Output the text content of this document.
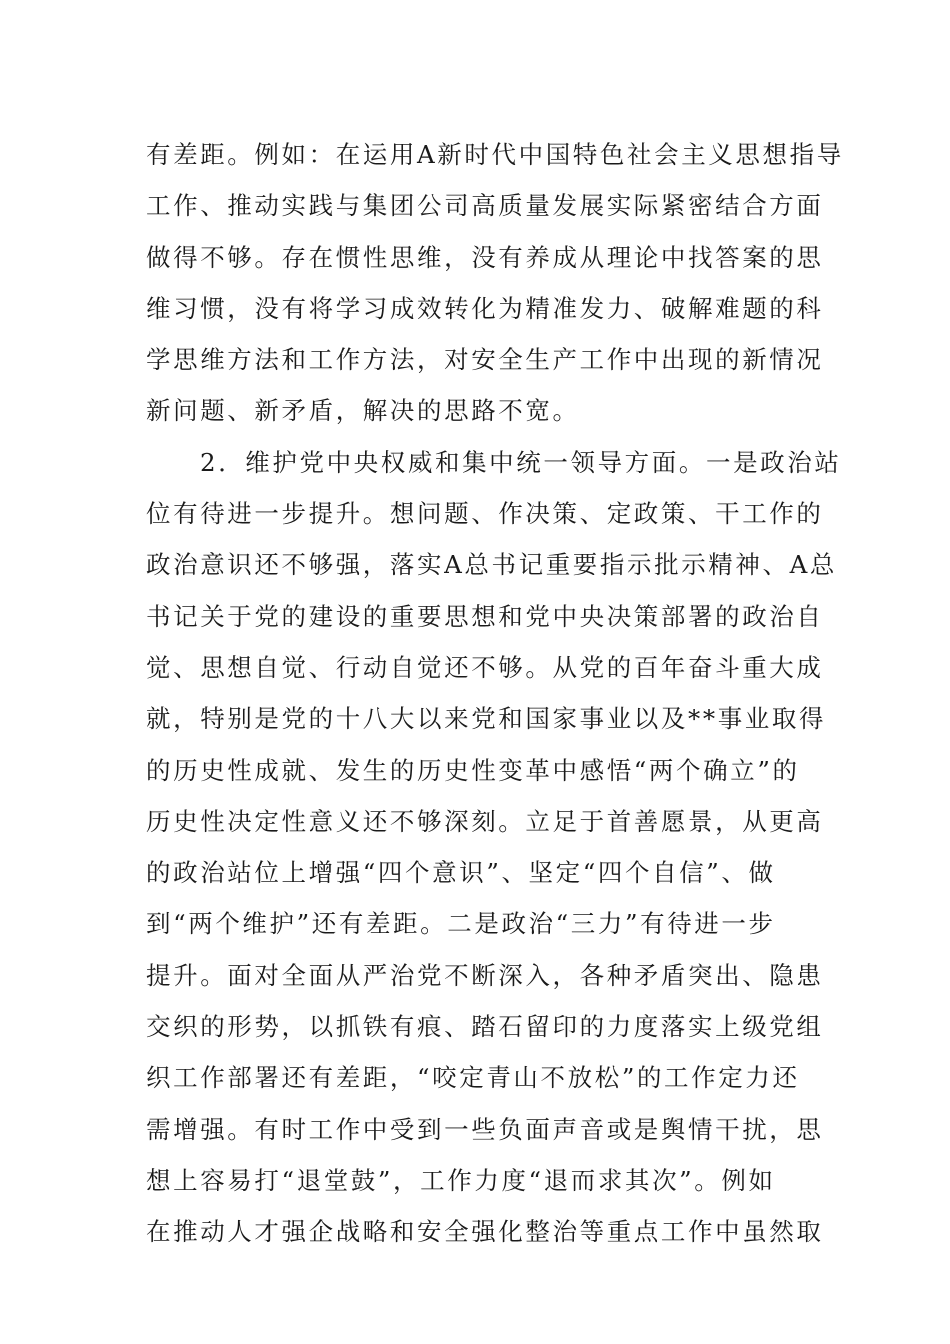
有差距。例如：在运用A新时代中国特色社会主义思想指导
工作、推动实践与集团公司高质量发展实际紧密结合方面
做得不够。存在惯性思维，没有养成从理论中找答案的思
维习惯，没有将学习成效转化为精准发力、破解难题的科
学思维方法和工作方法，对安全生产工作中出现的新情况
新问题、新矛盾，解决的思路不宽。
2．维护党中央权威和集中统一领导方面。一是政治站
位有待进一步提升。想问题、作决策、定政策、干工作的
政治意识还不够强，落实A总书记重要指示批示精神、A总
书记关于党的建设的重要思想和党中央决策部署的政治自
觉、思想自觉、行动自觉还不够。从党的百年奋斗重大成
就，特别是党的十八大以来党和国家事业以及**事业取得
的历史性成就、发生的历史性变革中感悟“两个确立”的
历史性决定性意义还不够深刻。立足于首善愿景，从更高
的政治站位上增强“四个意识”、坚定“四个自信”、做
到“两个维护”还有差距。二是政治“三力”有待进一步
提升。面对全面从严治党不断深入，各种矛盾突出、隐患
交织的形势，以抓铁有痕、踏石留印的力度落实上级党组
织工作部署还有差距，“咬定青山不放松”的工作定力还
需增强。有时工作中受到一些负面声音或是舆情干扰，思
想上容易打“退堂鼓”，工作力度“退而求其次”。例如
在推动人才强企战略和安全强化整治等重点工作中虽然取
